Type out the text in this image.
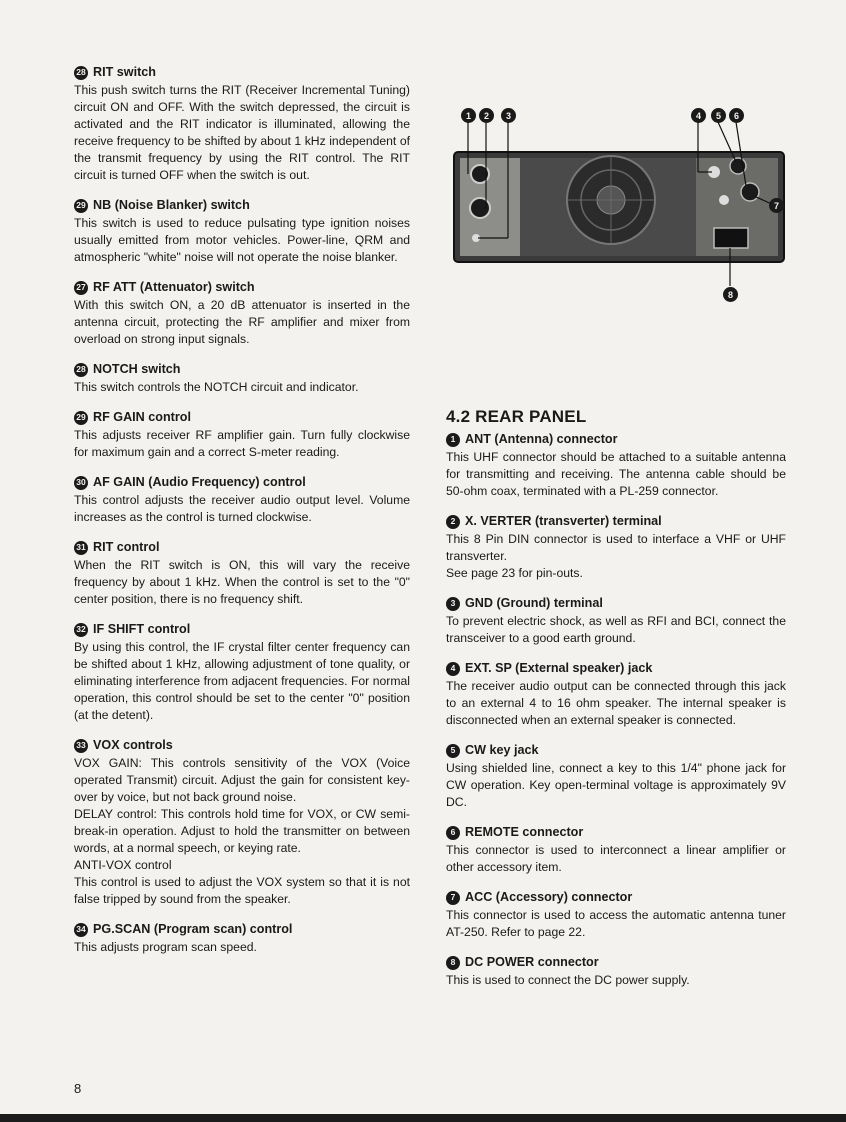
1	2	3	4	5	6
7
8
28 RIT switch

This push switch turns the RIT (Receiver Incremental Tuning) circuit ON and OFF. With the switch depressed, the circuit is activated and the RIT indicator is illuminated, allowing the receive frequency to be shifted by about 1 kHz independent of the transmit frequency by using the RIT control. The RIT circuit is turned OFF when the switch is out.

29 NB (Noise Blanker) switch

This switch is used to reduce pulsating type ignition noises usually emitted from motor vehicles. Power-line, QRM and atmospheric "white" noise will not operate the noise blanker.

27 RF ATT (Attenuator) switch

With this switch ON, a 20 dB attenuator is inserted in the antenna circuit, protecting the RF amplifier and mixer from overload on strong input signals.

28 NOTCH switch

This switch controls the NOTCH circuit and indicator.

29 RF GAIN control

This adjusts receiver RF amplifier gain. Turn fully clockwise for maximum gain and a correct S-meter reading.

30 AF GAIN (Audio Frequency) control

This control adjusts the receiver audio output level. Volume increases as the control is turned clockwise.

31 RIT control

When the RIT switch is ON, this will vary the receive frequency by about 1 kHz. When the control is set to the "0" center position, there is no frequency shift.

32 IF SHIFT control

By using this control, the IF crystal filter center frequency can be shifted about 1 kHz, allowing adjustment of tone quality, or eliminating interference from adjacent frequencies. For normal operation, this control should be set to the center "0" position (at the detent).

33 VOX controls

VOX GAIN: This controls sensitivity of the VOX (Voice operated Transmit) circuit. Adjust the gain for consistent key-over by voice, but not back ground noise.

DELAY control: This controls hold time for VOX, or CW semi-break-in operation. Adjust to hold the transmitter on between words, at a normal speech, or keying rate.

ANTI-VOX control

This control is used to adjust the VOX system so that it is not false tripped by sound from the speaker.

34 PG.SCAN (Program scan) control

This adjusts program scan speed.

4.2 REAR PANEL
1 ANT (Antenna) connector

This UHF connector should be attached to a suitable antenna for transmitting and receiving. The antenna cable should be 50-ohm coax, terminated with a PL-259 connector.

2 X. VERTER (transverter) terminal

This 8 Pin DIN connector is used to interface a VHF or UHF transverter.

See page 23 for pin-outs.

3 GND (Ground) terminal

To prevent electric shock, as well as RFI and BCI, connect the transceiver to a good earth ground.

4 EXT. SP (External speaker) jack

The receiver audio output can be connected through this jack to an external 4 to 16 ohm speaker. The internal speaker is disconnected when an external speaker is connected.

5 CW key jack

Using shielded line, connect a key to this 1/4" phone jack for CW operation. Key open-terminal voltage is approximately 9V DC.

6 REMOTE connector

This connector is used to interconnect a linear amplifier or other accessory item.

7 ACC (Accessory) connector

This connector is used to access the automatic antenna tuner AT-250. Refer to page 22.

8 DC POWER connector

This is used to connect the DC power supply.

8
